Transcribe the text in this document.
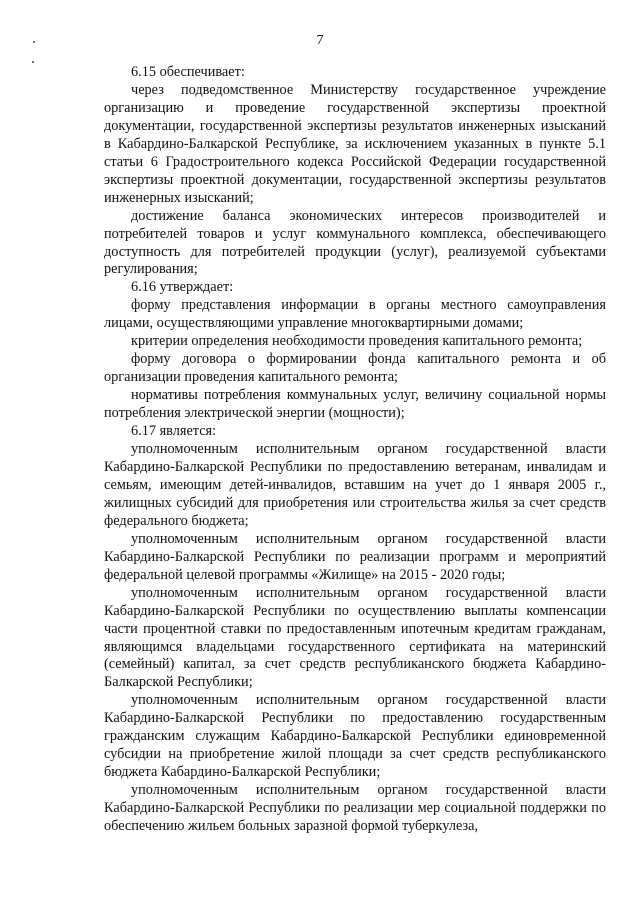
7

6.15 обеспечивает:

через подведомственное Министерству государственное учреждение организацию и проведение государственной экспертизы проектной документации, государственной экспертизы результатов инженерных изысканий в Кабардино-Балкарской Республике, за исключением указанных в пункте 5.1 статьи 6 Градостроительного кодекса Российской Федерации государственной экспертизы проектной документации, государственной экспертизы результатов инженерных изысканий;

достижение баланса экономических интересов производителей и потребителей товаров и услуг коммунального комплекса, обеспечивающего доступность для потребителей продукции (услуг), реализуемой субъектами регулирования;

6.16 утверждает:

форму представления информации в органы местного самоуправления лицами, осуществляющими управление многоквартирными домами;

критерии определения необходимости проведения капитального ремонта;

форму договора о формировании фонда капитального ремонта и об организации проведения капитального ремонта;

нормативы потребления коммунальных услуг, величину социальной нормы потребления электрической энергии (мощности);

6.17 является:

уполномоченным исполнительным органом государственной власти Кабардино-Балкарской Республики по предоставлению ветеранам, инвалидам и семьям, имеющим детей-инвалидов, вставшим на учет до 1 января 2005 г., жилищных субсидий для приобретения или строительства жилья за счет средств федерального бюджета;

уполномоченным исполнительным органом государственной власти Кабардино-Балкарской Республики по реализации программ и мероприятий федеральной целевой программы «Жилище» на 2015 - 2020 годы;

уполномоченным исполнительным органом государственной власти Кабардино-Балкарской Республики по осуществлению выплаты компенсации части процентной ставки по предоставленным ипотечным кредитам гражданам, являющимся владельцами государственного сертификата на материнский (семейный) капитал, за счет средств республиканского бюджета Кабардино-Балкарской Республики;

уполномоченным исполнительным органом государственной власти Кабардино-Балкарской Республики по предоставлению государственным гражданским служащим Кабардино-Балкарской Республики единовременной субсидии на приобретение жилой площади за счет средств республиканского бюджета Кабардино-Балкарской Республики;

уполномоченным исполнительным органом государственной власти Кабардино-Балкарской Республики по реализации мер социальной поддержки по обеспечению жильем больных заразной формой туберкулеза,
